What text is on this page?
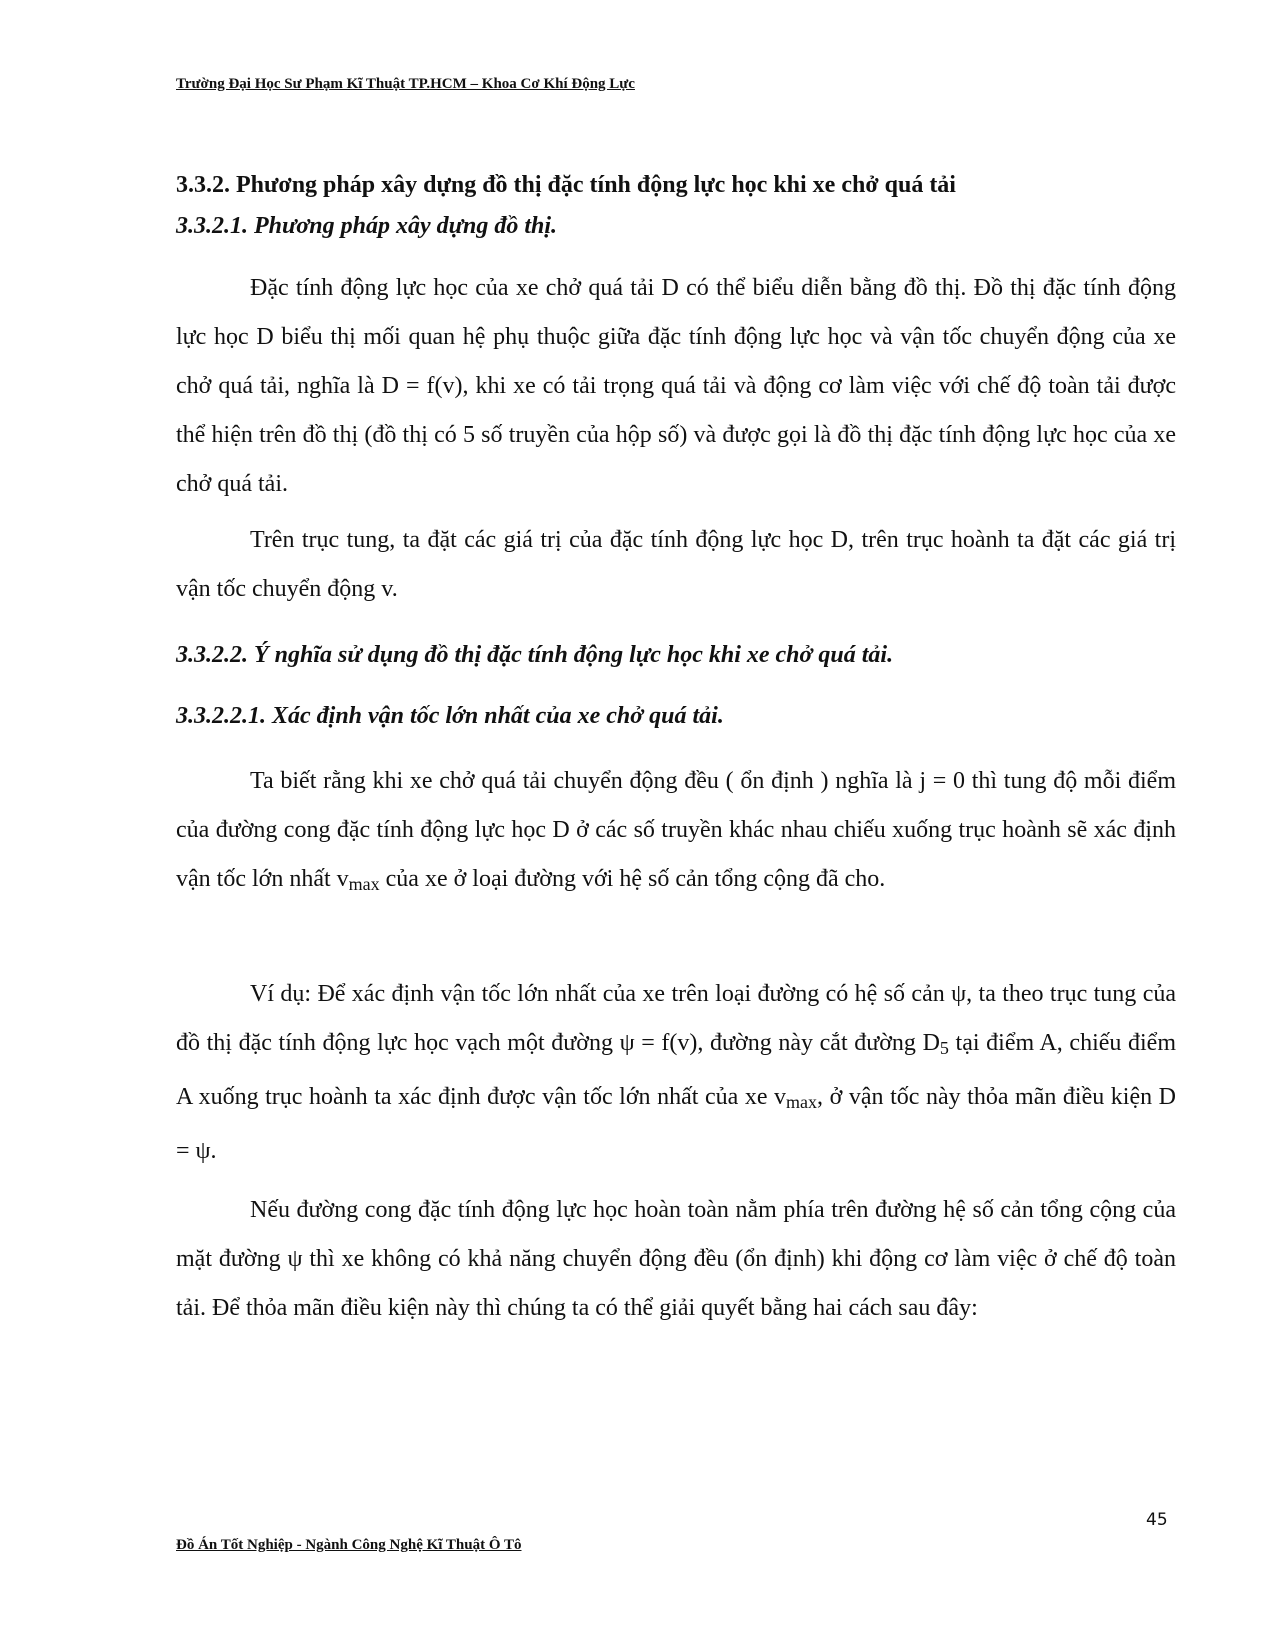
Trường Đại Học Sư Phạm Kĩ Thuật TP.HCM – Khoa Cơ Khí Động Lực
3.3.2. Phương pháp xây dựng đồ thị đặc tính động lực học khi xe chở quá tải
3.3.2.1. Phương pháp xây dựng đồ thị.

Đặc tính động lực học của xe chở quá tải D có thể biểu diễn bằng đồ thị. Đồ thị đặc tính động lực học D biểu thị mối quan hệ phụ thuộc giữa đặc tính động lực học và vận tốc chuyển động của xe chở quá tải, nghĩa là D = f(v), khi xe có tải trọng quá tải và động cơ làm việc với chế độ toàn tải được thể hiện trên đồ thị (đồ thị có 5 số truyền của hộp số) và được gọi là đồ thị đặc tính động lực học của xe chở quá tải.

Trên trục tung, ta đặt các giá trị của đặc tính động lực học D, trên trục hoành ta đặt các giá trị vận tốc chuyển động v.

3.3.2.2. Ý nghĩa sử dụng đồ thị đặc tính động lực học khi xe chở quá tải.
3.3.2.2.1. Xác định vận tốc lớn nhất của xe chở quá tải.

Ta biết rằng khi xe chở quá tải chuyển động đều ( ổn định ) nghĩa là j = 0 thì tung độ mỗi điểm của đường cong đặc tính động lực học D ở các số truyền khác nhau chiếu xuống trục hoành sẽ xác định vận tốc lớn nhất $v_{max}$ của xe ở loại đường với hệ số cản tổng cộng đã cho.

Ví dụ: Để xác định vận tốc lớn nhất của xe trên loại đường có hệ số cản ψ, ta theo trục tung của đồ thị đặc tính động lực học vạch một đường ψ = f(v), đường này cắt đường $D_5$ tại điểm A, chiếu điểm A xuống trục hoành ta xác định được vận tốc lớn nhất của xe $v_{max}$, ở vận tốc này thỏa mãn điều kiện D = ψ.

Nếu đường cong đặc tính động lực học hoàn toàn nằm phía trên đường hệ số cản tổng cộng của mặt đường ψ thì xe không có khả năng chuyển động đều (ổn định) khi động cơ làm việc ở chế độ toàn tải. Để thỏa mãn điều kiện này thì chúng ta có thể giải quyết bằng hai cách sau đây:

45
Đồ Án Tốt Nghiệp - Ngành Công Nghệ Kĩ Thuật Ô Tô
